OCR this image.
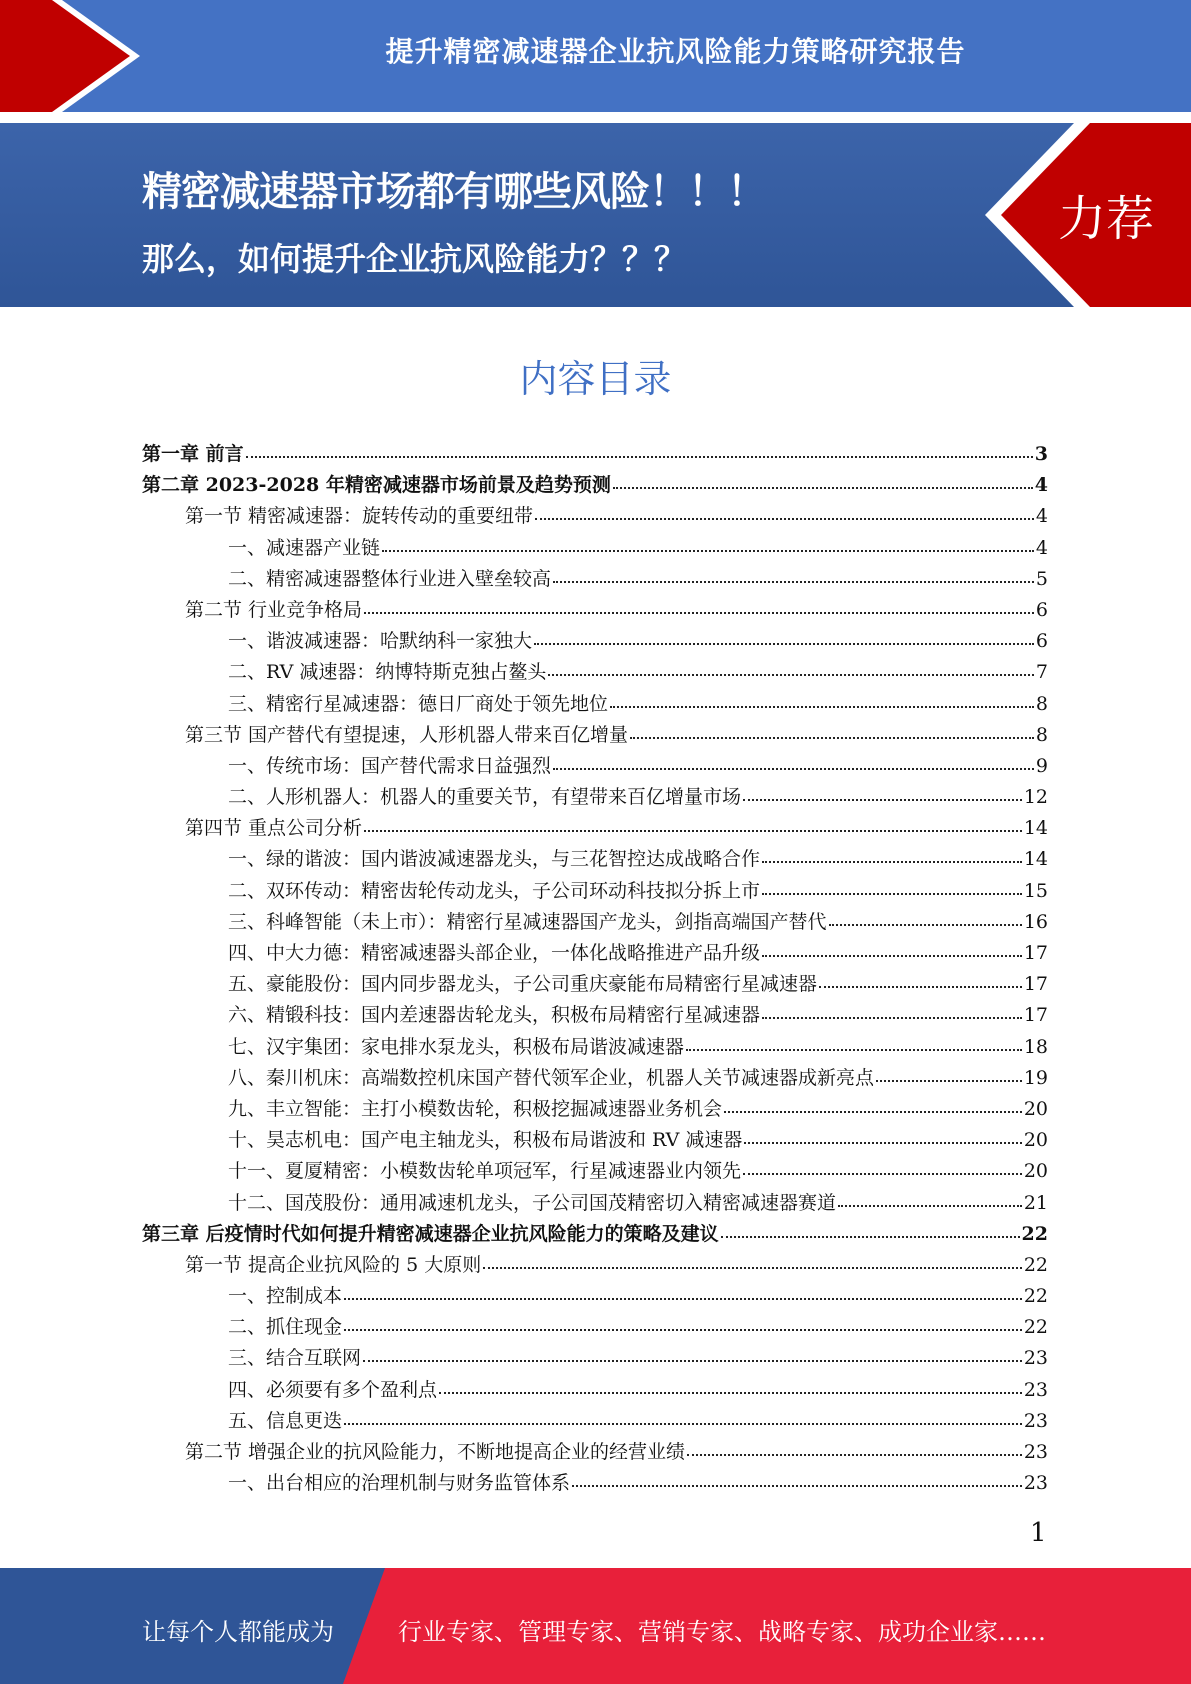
提升精密减速器企业抗风险能力策略研究报告
精密减速器市场都有哪些风险！！！
那么，如何提升企业抗风险能力？？？
力荐
内容目录
第一章 前言	3
第二章 2023-2028 年精密减速器市场前景及趋势预测	4
第一节 精密减速器：旋转传动的重要纽带	4
一、减速器产业链	4
二、精密减速器整体行业进入壁垒较高	5
第二节 行业竞争格局	6
一、谐波减速器：哈默纳科一家独大	6
二、RV 减速器：纳博特斯克独占鳌头	7
三、精密行星减速器：德日厂商处于领先地位	8
第三节 国产替代有望提速，人形机器人带来百亿增量	8
一、传统市场：国产替代需求日益强烈	9
二、人形机器人：机器人的重要关节，有望带来百亿增量市场	12
第四节 重点公司分析	14
一、绿的谐波：国内谐波减速器龙头，与三花智控达成战略合作	14
二、双环传动：精密齿轮传动龙头，子公司环动科技拟分拆上市	15
三、科峰智能（未上市）：精密行星减速器国产龙头，剑指高端国产替代	16
四、中大力德：精密减速器头部企业，一体化战略推进产品升级	17
五、豪能股份：国内同步器龙头，子公司重庆豪能布局精密行星减速器	17
六、精锻科技：国内差速器齿轮龙头，积极布局精密行星减速器	17
七、汉宇集团：家电排水泵龙头，积极布局谐波减速器	18
八、秦川机床：高端数控机床国产替代领军企业，机器人关节减速器成新亮点	19
九、丰立智能：主打小模数齿轮，积极挖掘减速器业务机会	20
十、昊志机电：国产电主轴龙头，积极布局谐波和 RV 减速器	20
十一、夏厦精密：小模数齿轮单项冠军，行星减速器业内领先	20
十二、国茂股份：通用减速机龙头，子公司国茂精密切入精密减速器赛道	21
第三章 后疫情时代如何提升精密减速器企业抗风险能力的策略及建议	22
第一节 提高企业抗风险的 5 大原则	22
一、控制成本	22
二、抓住现金	22
三、结合互联网	23
四、必须要有多个盈利点	23
五、信息更迭	23
第二节 增强企业的抗风险能力，不断地提高企业的经营业绩	23
一、出台相应的治理机制与财务监管体系	23
1
让每个人都能成为	行业专家、管理专家、营销专家、战略专家、成功企业家……
